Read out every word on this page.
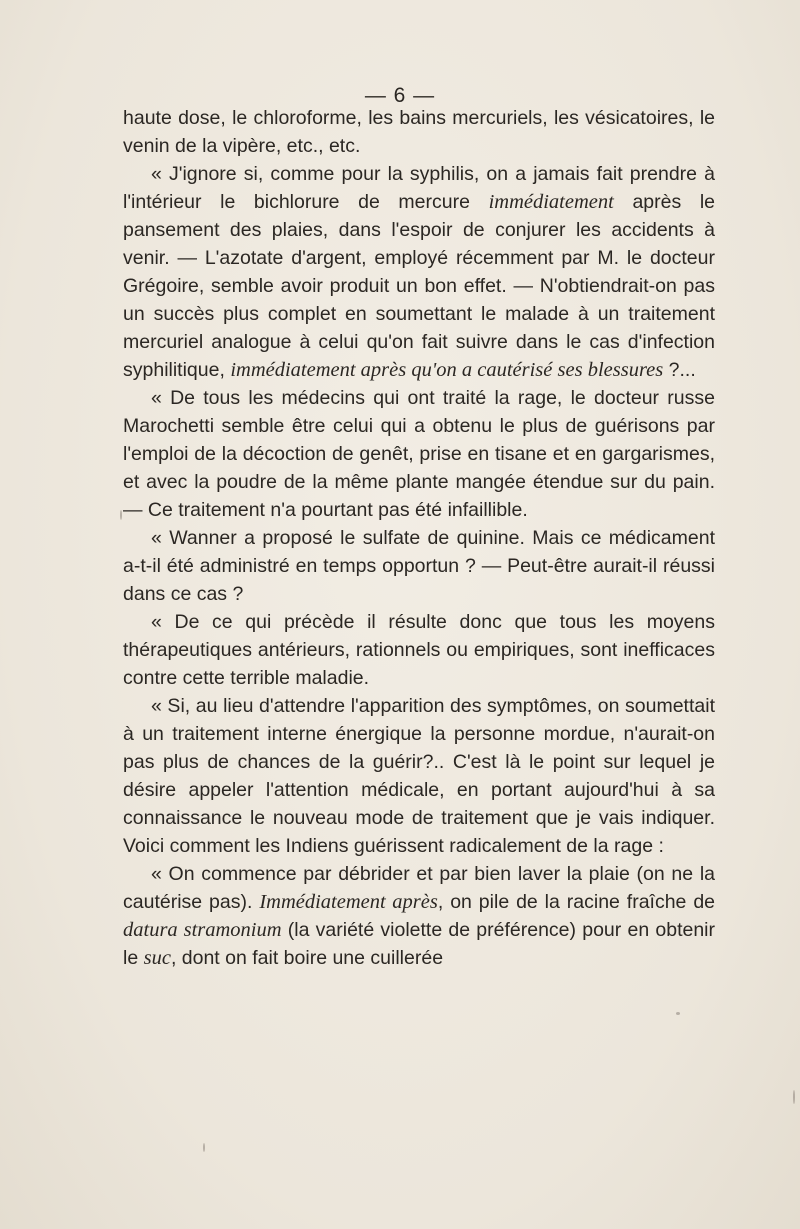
— 6 —

haute dose, le chloroforme, les bains mercuriels, les vésicatoires, le venin de la vipère, etc., etc.

« J'ignore si, comme pour la syphilis, on a jamais fait prendre à l'intérieur le bichlorure de mercure immédiatement après le pansement des plaies, dans l'espoir de conjurer les accidents à venir. — L'azotate d'argent, employé récemment par M. le docteur Grégoire, semble avoir produit un bon effet. — N'obtiendrait-on pas un succès plus complet en soumettant le malade à un traitement mercuriel analogue à celui qu'on fait suivre dans le cas d'infection syphilitique, immédiatement après qu'on a cautérisé ses blessures ?...

« De tous les médecins qui ont traité la rage, le docteur russe Marochetti semble être celui qui a obtenu le plus de guérisons par l'emploi de la décoction de genêt, prise en tisane et en gargarismes, et avec la poudre de la même plante mangée étendue sur du pain. — Ce traitement n'a pourtant pas été infaillible.

« Wanner a proposé le sulfate de quinine. Mais ce médicament a-t-il été administré en temps opportun ? — Peut-être aurait-il réussi dans ce cas ?

« De ce qui précède il résulte donc que tous les moyens thérapeutiques antérieurs, rationnels ou empiriques, sont inefficaces contre cette terrible maladie.

« Si, au lieu d'attendre l'apparition des symptômes, on soumettait à un traitement interne énergique la personne mordue, n'aurait-on pas plus de chances de la guérir?.. C'est là le point sur lequel je désire appeler l'attention médicale, en portant aujourd'hui à sa connaissance le nouveau mode de traitement que je vais indiquer. Voici comment les Indiens guérissent radicalement de la rage :

« On commence par débrider et par bien laver la plaie (on ne la cautérise pas). Immédiatement après, on pile de la racine fraîche de datura stramonium (la variété violette de préférence) pour en obtenir le suc, dont on fait boire une cuillerée
